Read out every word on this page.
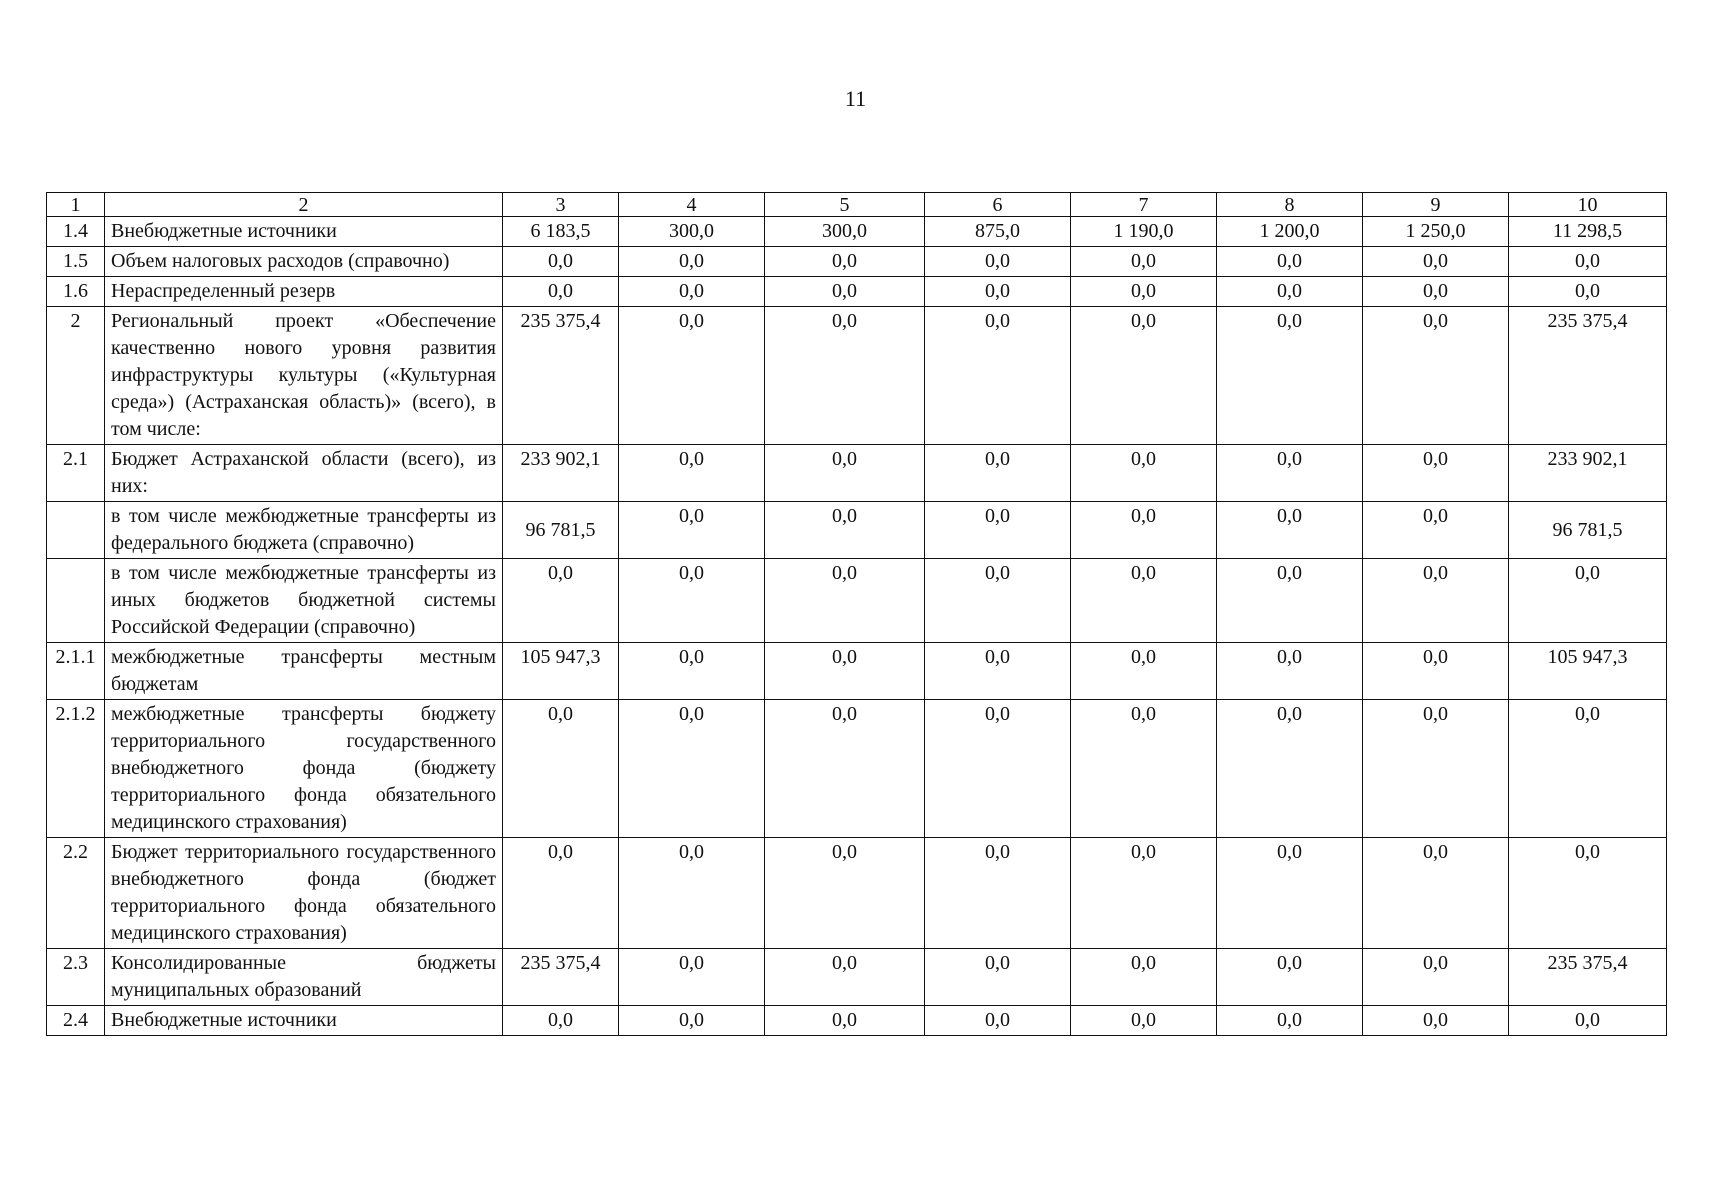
11
1	2	3	4	5	6	7	8	9	10
1.4	Внебюджетные источники	6 183,5	300,0	300,0	875,0	1 190,0	1 200,0	1 250,0	11 298,5
1.5	Объем налоговых расходов (справочно)	0,0	0,0	0,0	0,0	0,0	0,0	0,0	0,0
1.6	Нераспределенный резерв	0,0	0,0	0,0	0,0	0,0	0,0	0,0	0,0
2	Региональный проект «Обеспечение качественно нового уровня развития инфраструктуры культуры («Культурная среда») (Астраханская область)» (всего), в том числе:	235 375,4	0,0	0,0	0,0	0,0	0,0	0,0	235 375,4
2.1	Бюджет Астраханской области (всего), из них:	233 902,1	0,0	0,0	0,0	0,0	0,0	0,0	233 902,1
	в том числе межбюджетные трансферты из федерального бюджета (справочно)	96 781,5	0,0	0,0	0,0	0,0	0,0	0,0	96 781,5
	в том числе межбюджетные трансферты из иных бюджетов бюджетной системы Российской Федерации (справочно)	0,0	0,0	0,0	0,0	0,0	0,0	0,0	0,0
2.1.1	межбюджетные трансферты местным бюджетам	105 947,3	0,0	0,0	0,0	0,0	0,0	0,0	105 947,3
2.1.2	межбюджетные трансферты бюджету территориального государственного внебюджетного фонда (бюджету территориального фонда обязательного медицинского страхования)	0,0	0,0	0,0	0,0	0,0	0,0	0,0	0,0
2.2	Бюджет территориального государственного внебюджетного фонда (бюджет территориального фонда обязательного медицинского страхования)	0,0	0,0	0,0	0,0	0,0	0,0	0,0	0,0
2.3	Консолидированные бюджеты муниципальных образований	235 375,4	0,0	0,0	0,0	0,0	0,0	0,0	235 375,4
2.4	Внебюджетные источники	0,0	0,0	0,0	0,0	0,0	0,0	0,0	0,0
